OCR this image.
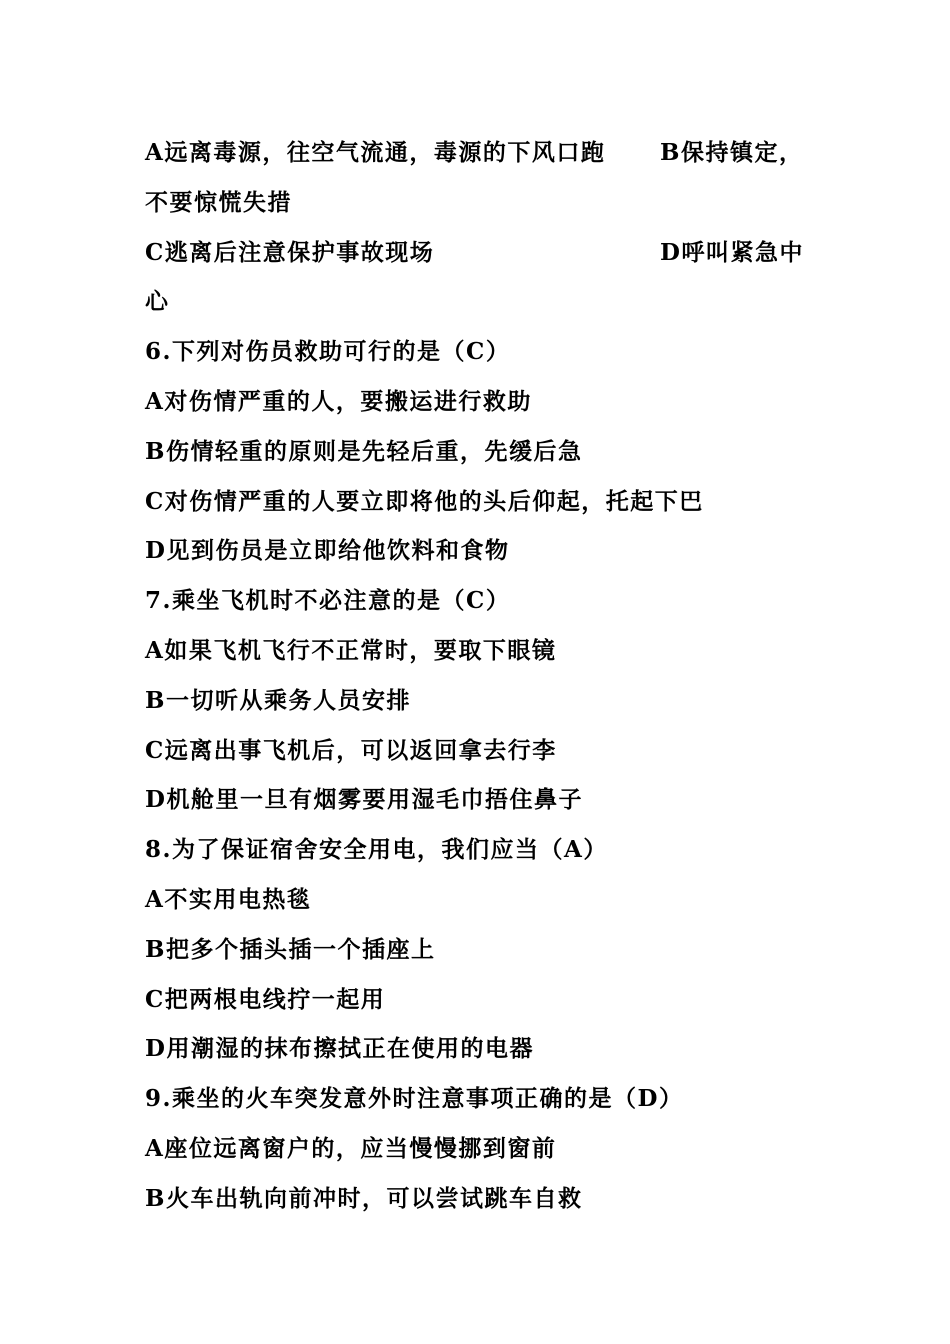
A远离毒源，往空气流通，毒源的下风口跑 B保持镇定，
不要惊慌失措
C逃离后注意保护事故现场	D呼叫紧急中
心
6.下列对伤员救助可行的是（C）
A对伤情严重的人，要搬运进行救助
B伤情轻重的原则是先轻后重，先缓后急
C对伤情严重的人要立即将他的头后仰起，托起下巴
D见到伤员是立即给他饮料和食物
7.乘坐飞机时不必注意的是（C）
A如果飞机飞行不正常时，要取下眼镜
B一切听从乘务人员安排
C远离出事飞机后，可以返回拿去行李
D机舱里一旦有烟雾要用湿毛巾捂住鼻子
8.为了保证宿舍安全用电，我们应当（A）
A不实用电热毯
B把多个插头插一个插座上
C把两根电线拧一起用
D用潮湿的抹布擦拭正在使用的电器
9.乘坐的火车突发意外时注意事项正确的是（D）
A座位远离窗户的，应当慢慢挪到窗前
B火车出轨向前冲时，可以尝试跳车自救
